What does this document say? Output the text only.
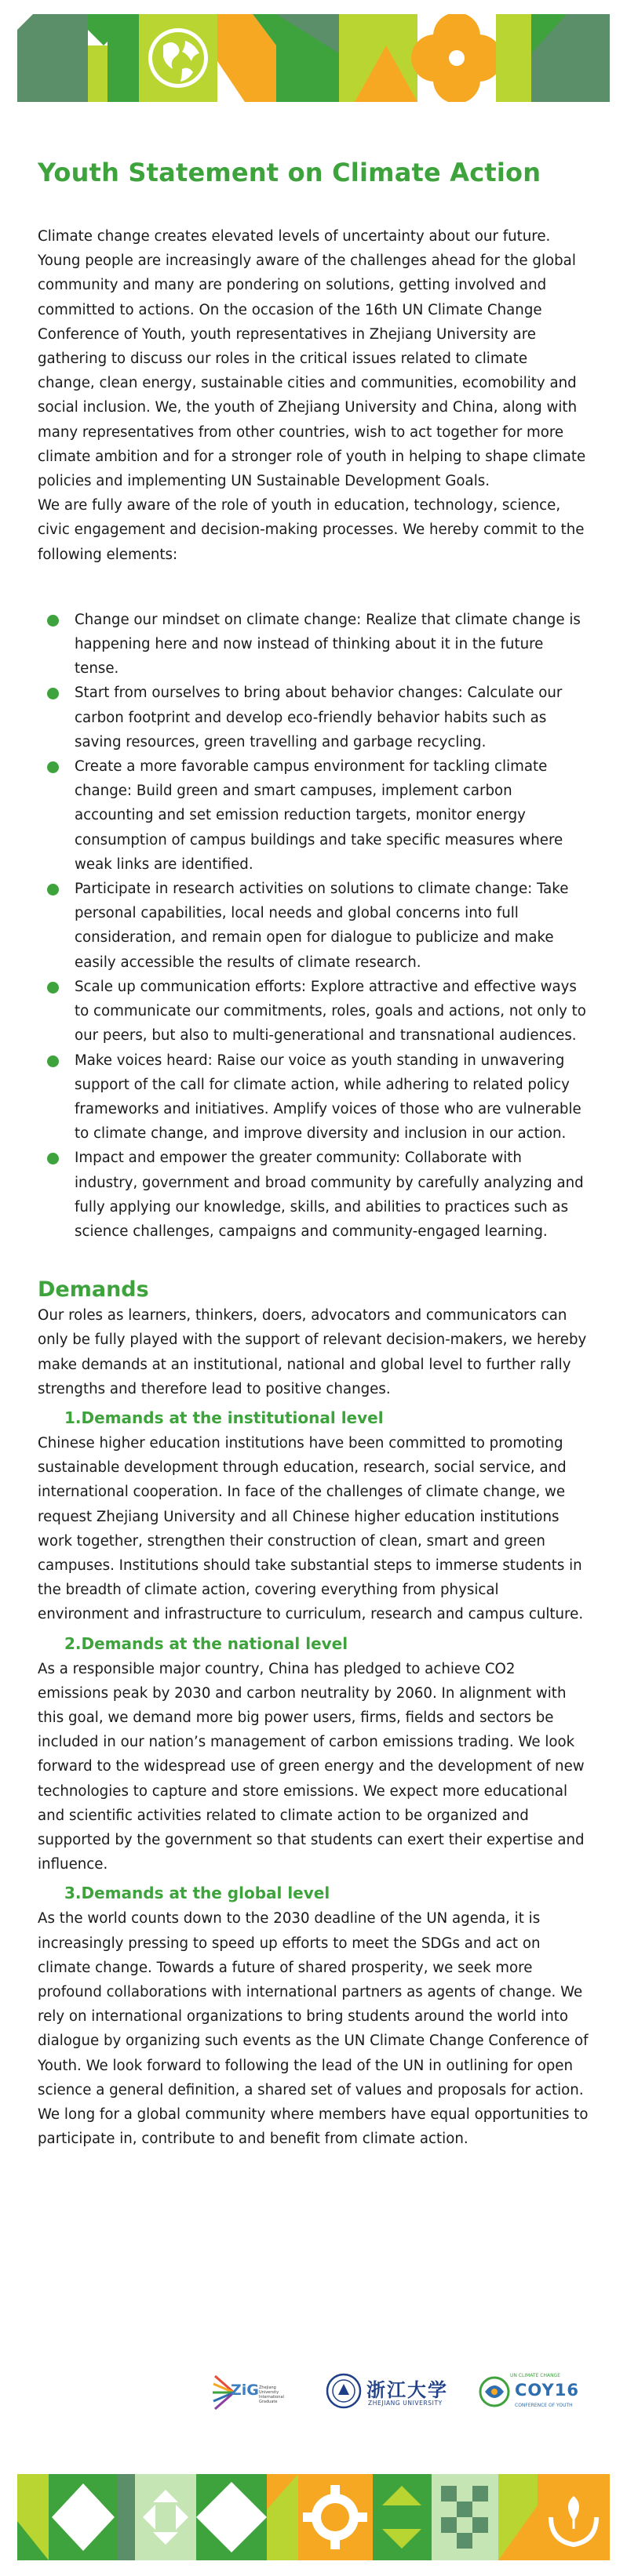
Youth Statement on Climate Action

Climate change creates elevated levels of uncertainty about our future. Young people are increasingly aware of the challenges ahead for the global community and many are pondering on solutions, getting involved and committed to actions. On the occasion of the 16th UN Climate Change Conference of Youth, youth representatives in Zhejiang University are gathering to discuss our roles in the critical issues related to climate change, clean energy, sustainable cities and communities, ecomobility and social inclusion. We, the youth of Zhejiang University and China, along with many representatives from other countries, wish to act together for more climate ambition and for a stronger role of youth in helping to shape climate policies and implementing UN Sustainable Development Goals.

We are fully aware of the role of youth in education, technology, science, civic engagement and decision-making processes. We hereby commit to the following elements:

Change our mindset on climate change: Realize that climate change is happening here and now instead of thinking about it in the future tense.
Start from ourselves to bring about behavior changes: Calculate our carbon footprint and develop eco-friendly behavior habits such as saving resources, green travelling and garbage recycling.
Create a more favorable campus environment for tackling climate change: Build green and smart campuses, implement carbon accounting and set emission reduction targets, monitor energy consumption of campus buildings and take specific measures where weak links are identified.
Participate in research activities on solutions to climate change: Take personal capabilities, local needs and global concerns into full consideration, and remain open for dialogue to publicize and make easily accessible the results of climate research.
Scale up communication efforts: Explore attractive and effective ways to communicate our commitments, roles, goals and actions, not only to our peers, but also to multi-generational and transnational audiences.
Make voices heard: Raise our voice as youth standing in unwavering support of the call for climate action, while adhering to related policy frameworks and initiatives. Amplify voices of those who are vulnerable to climate change, and improve diversity and inclusion in our action.
Impact and empower the greater community: Collaborate with industry, government and broad community by carefully analyzing and fully applying our knowledge, skills, and abilities to practices such as science challenges, campaigns and community-engaged learning.
Demands

Our roles as learners, thinkers, doers, advocators and communicators can only be fully played with the support of relevant decision-makers, we hereby make demands at an institutional, national and global level to further rally strengths and therefore lead to positive changes.

1.Demands at the institutional level

Chinese higher education institutions have been committed to promoting sustainable development through education, research, social service, and international cooperation. In face of the challenges of climate change, we request Zhejiang University and all Chinese higher education institutions work together, strengthen their construction of clean, smart and green campuses. Institutions should take substantial steps to immerse students in the breadth of climate action, covering everything from physical environment and infrastructure to curriculum, research and campus culture.

2.Demands at the national level

As a responsible major country, China has pledged to achieve CO2 emissions peak by 2030 and carbon neutrality by 2060. In alignment with this goal, we demand more big power users, firms, fields and sectors be included in our nation’s management of carbon emissions trading. We look forward to the widespread use of green energy and the development of new technologies to capture and store emissions. We expect more educational and scientific activities related to climate action to be organized and supported by the government so that students can exert their expertise and influence.

3.Demands at the global level

As the world counts down to the 2030 deadline of the UN agenda, it is increasingly pressing to speed up efforts to meet the SDGs and act on climate change. Towards a future of shared prosperity, we seek more profound collaborations with international partners as agents of change. We rely on international organizations to bring students around the world into dialogue by organizing such events as the UN Climate Change Conference of Youth. We look forward to following the lead of the UN in outlining for open science a general definition, a shared set of values and proposals for action. We long for a global community where members have equal opportunities to participate in, contribute to and benefit from climate action.

ZiG Zhejiang University International Graduate
浙江大学
ZHEJIANG UNIVERSITY
UN CLIMATE CHANGE
COY16
CONFERENCE OF YOUTH
